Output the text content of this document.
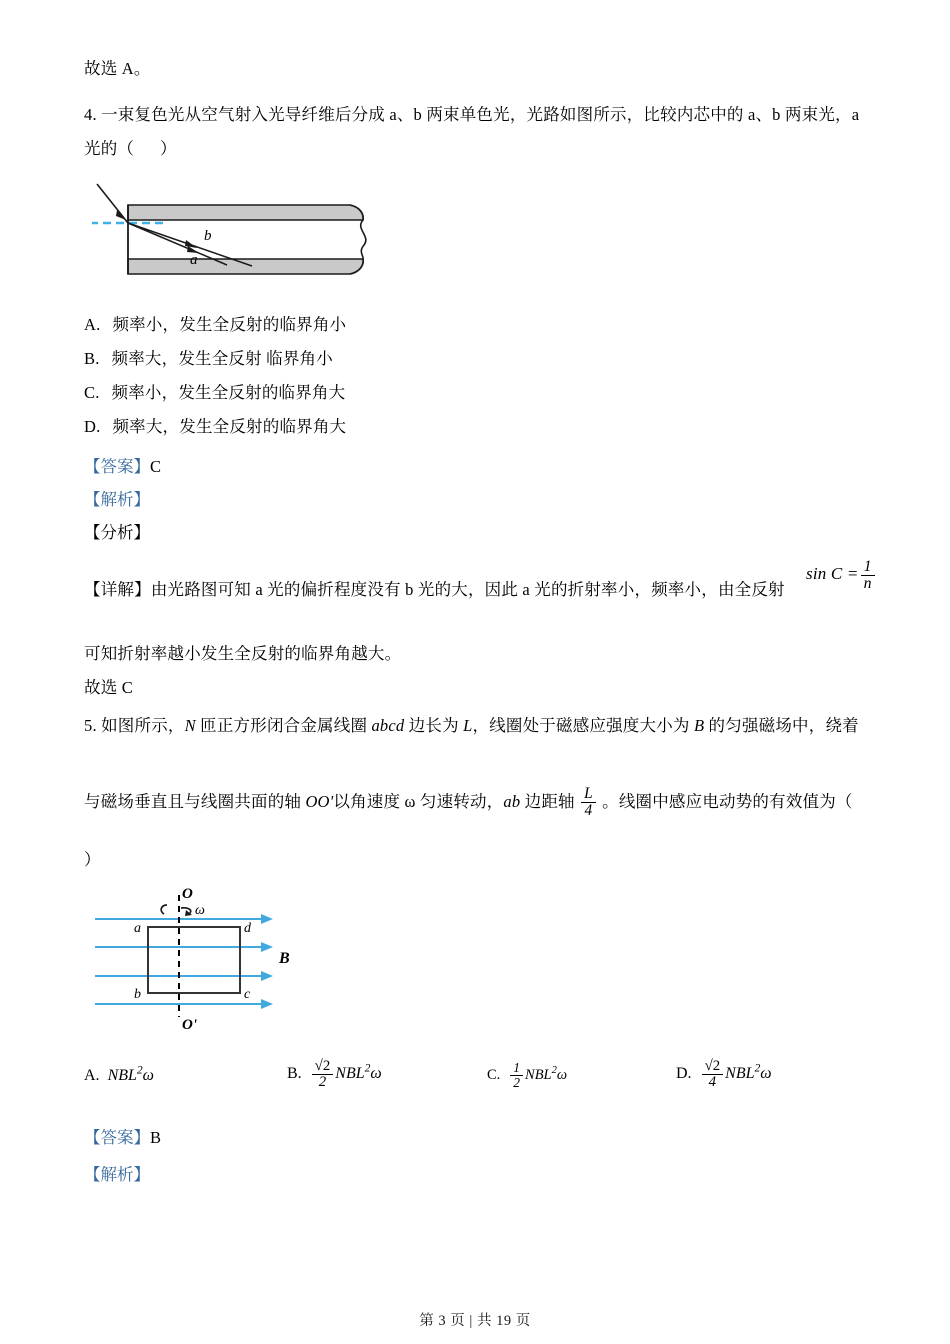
故选 A。
4. 一束复色光从空气射入光导纤维后分成 a、b 两束单色光，光路如图所示，比较内芯中的 a、b 两束光，a
光的（      ）
b
a
A. 频率小，发生全反射的临界角小
B. 频率大，发生全反射 临界角小
C. 频率小，发生全反射的临界角大
D. 频率大，发生全反射的临界角大
【答案】C
【解析】
【分析】
【详解】由光路图可知 a 光的偏折程度没有 b 光的大，因此 a 光的折射率小，频率小，由全反射
$\sin C = \frac{1}{n}$
可知折射率越小发生全反射的临界角越大。
故选 C
5. 如图所示，N 匝正方形闭合金属线圈 abcd 边长为 L，线圈处于磁感应强度大小为 B 的匀强磁场中，绕着
与磁场垂直且与线圈共面的轴 OO'以角速度 ω 匀速转动，ab 边距轴 $\frac{L}{4}$ 。线圈中感应电动势的有效值为（
）
O
ω
O'
a	d
b	c
B
A. NBL$^2$ω	B. $\frac{√2}{2} NBL^2\omega$	C. $\frac{1}{2} NBL^2\omega$	D. $\frac{√2}{4} NBL^2\omega$
【答案】B
【解析】
第 3 页 | 共 19 页
